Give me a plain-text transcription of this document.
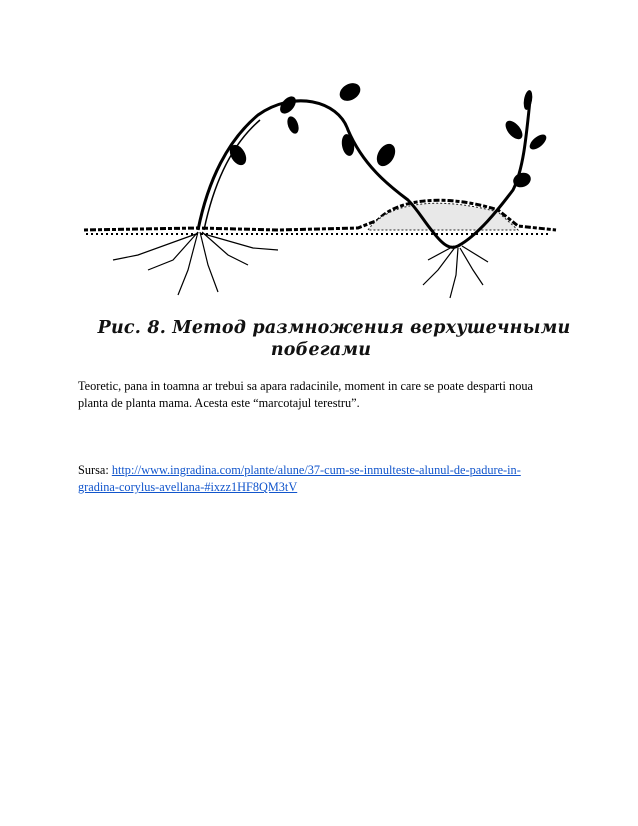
Рис. 8. Метод размножения верхушечными
побегами
Teoretic, pana in toamna ar trebui sa apara radacinile, moment in care se poate desparti noua
planta de planta mama. Acesta este “marcotajul terestru”.
Sursa: http://www.ingradina.com/plante/alune/37-cum-se-inmulteste-alunul-de-padure-in-
gradina-corylus-avellana-#ixzz1HF8QM3tV
